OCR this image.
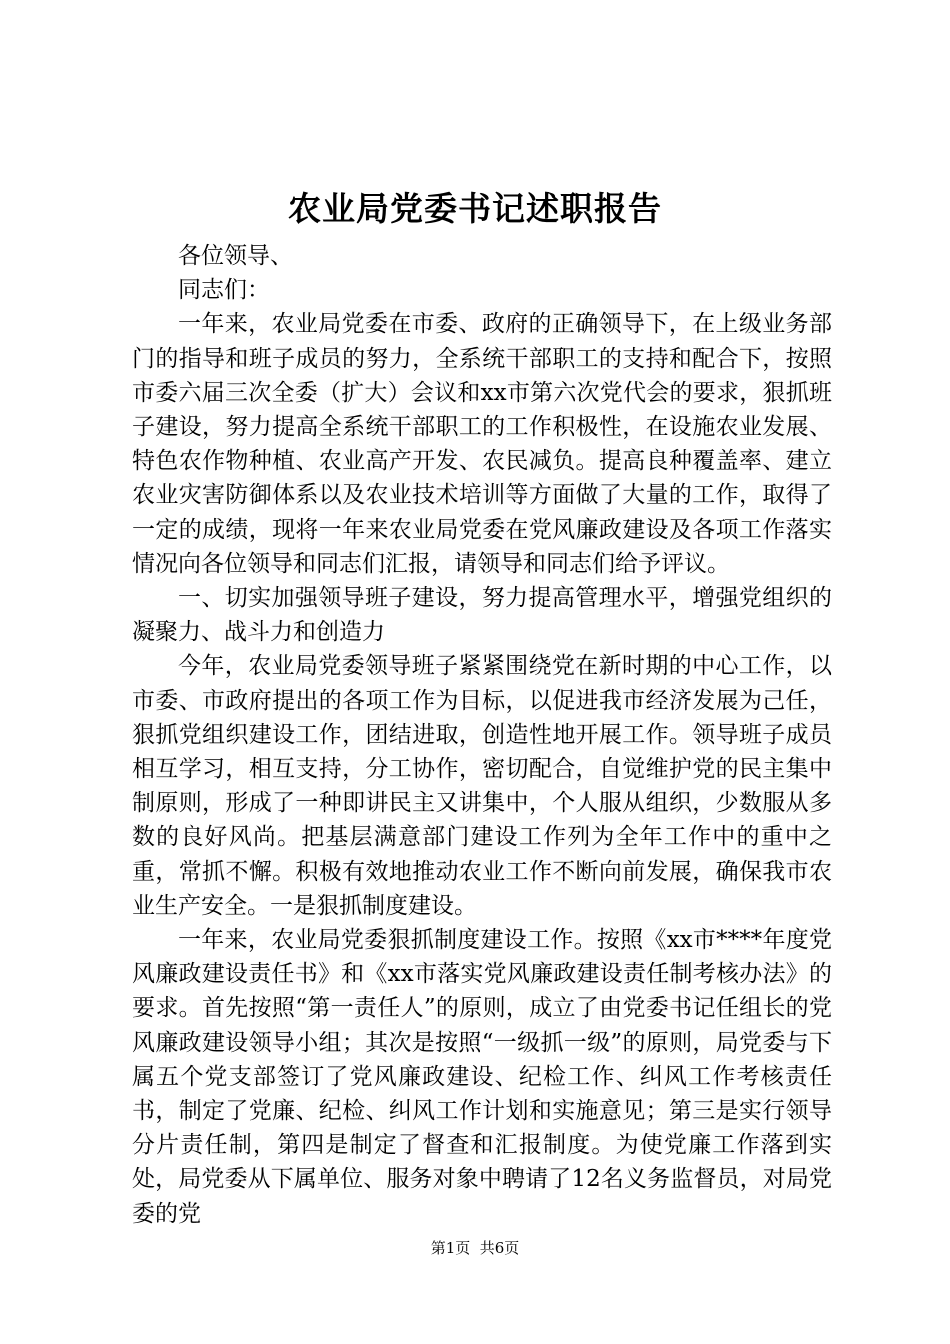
农业局党委书记述职报告

各位领导、

同志们：

一年来，农业局党委在市委、政府的正确领导下，在上级业务部门的指导和班子成员的努力，全系统干部职工的支持和配合下，按照市委六届三次全委（扩大）会议和xx市第六次党代会的要求，狠抓班子建设，努力提高全系统干部职工的工作积极性，在设施农业发展、特色农作物种植、农业高产开发、农民减负。提高良种覆盖率、建立农业灾害防御体系以及农业技术培训等方面做了大量的工作，取得了一定的成绩，现将一年来农业局党委在党风廉政建设及各项工作落实情况向各位领导和同志们汇报，请领导和同志们给予评议。

一、切实加强领导班子建设，努力提高管理水平，增强党组织的凝聚力、战斗力和创造力

今年，农业局党委领导班子紧紧围绕党在新时期的中心工作，以市委、市政府提出的各项工作为目标，以促进我市经济发展为己任，狠抓党组织建设工作，团结进取，创造性地开展工作。领导班子成员相互学习，相互支持，分工协作，密切配合，自觉维护党的民主集中制原则，形成了一种即讲民主又讲集中，个人服从组织，少数服从多数的良好风尚。把基层满意部门建设工作列为全年工作中的重中之重，常抓不懈。积极有效地推动农业工作不断向前发展，确保我市农业生产安全。一是狠抓制度建设。

一年来，农业局党委狠抓制度建设工作。按照《xx市****年度党风廉政建设责任书》和《xx市落实党风廉政建设责任制考核办法》的要求。首先按照“第一责任人”的原则，成立了由党委书记任组长的党风廉政建设领导小组；其次是按照“一级抓一级”的原则，局党委与下属五个党支部签订了党风廉政建设、纪检工作、纠风工作考核责任书，制定了党廉、纪检、纠风工作计划和实施意见；第三是实行领导分片责任制，第四是制定了督查和汇报制度。为使党廉工作落到实处，局党委从下属单位、服务对象中聘请了12名义务监督员，对局党委的党

第1页  共6页
